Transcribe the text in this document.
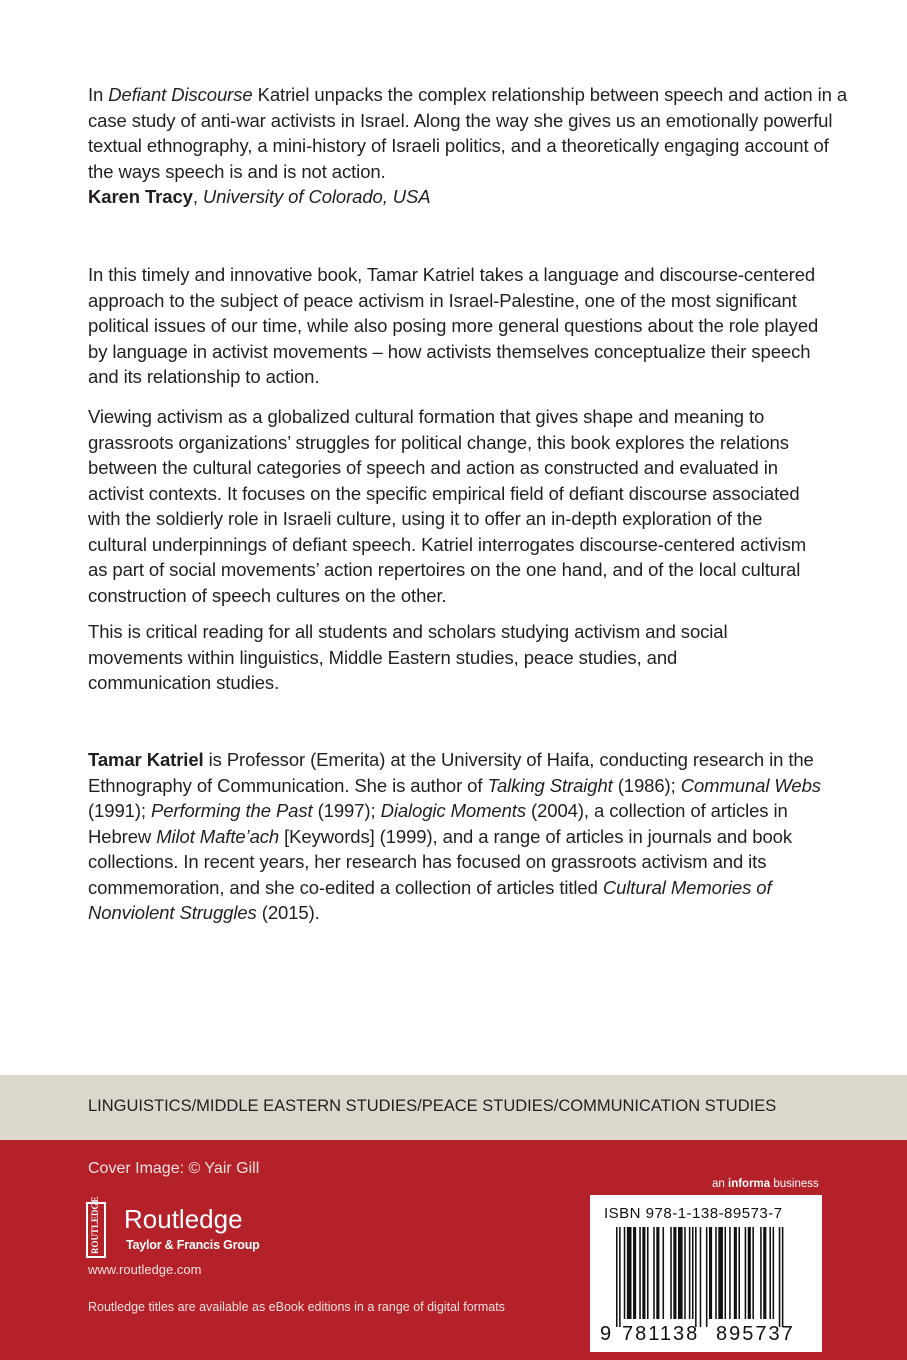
In Defiant Discourse Katriel unpacks the complex relationship between speech and action in a case study of anti-war activists in Israel. Along the way she gives us an emotionally powerful textual ethnography, a mini-history of Israeli politics, and a theoretically engaging account of the ways speech is and is not action.
Karen Tracy, University of Colorado, USA

In this timely and innovative book, Tamar Katriel takes a language and discourse-centered approach to the subject of peace activism in Israel-Palestine, one of the most significant political issues of our time, while also posing more general questions about the role played by language in activist movements – how activists themselves conceptualize their speech and its relationship to action.

Viewing activism as a globalized cultural formation that gives shape and meaning to grassroots organizations’ struggles for political change, this book explores the relations between the cultural categories of speech and action as constructed and evaluated in activist contexts. It focuses on the specific empirical field of defiant discourse associated with the soldierly role in Israeli culture, using it to offer an in-depth exploration of the cultural underpinnings of defiant speech. Katriel interrogates discourse-centered activism as part of social movements’ action repertoires on the one hand, and of the local cultural construction of speech cultures on the other.

This is critical reading for all students and scholars studying activism and social movements within linguistics, Middle Eastern studies, peace studies, and communication studies.

Tamar Katriel is Professor (Emerita) at the University of Haifa, conducting research in the Ethnography of Communication. She is author of Talking Straight (1986); Communal Webs (1991); Performing the Past (1997); Dialogic Moments (2004), a collection of articles in Hebrew Milot Mafte’ach [Keywords] (1999), and a range of articles in journals and book collections. In recent years, her research has focused on grassroots activism and its commemoration, and she co-edited a collection of articles titled Cultural Memories of Nonviolent Struggles (2015).

LINGUISTICS/MIDDLE EASTERN STUDIES/PEACE STUDIES/COMMUNICATION STUDIES
Cover Image: © Yair Gill
ROUTLEDGE Routledge
Taylor & Francis Group
www.routledge.com
Routledge titles are available as eBook editions in a range of digital formats
an informa business
ISBN 978-1-138-89573-7
9 781138 895737
